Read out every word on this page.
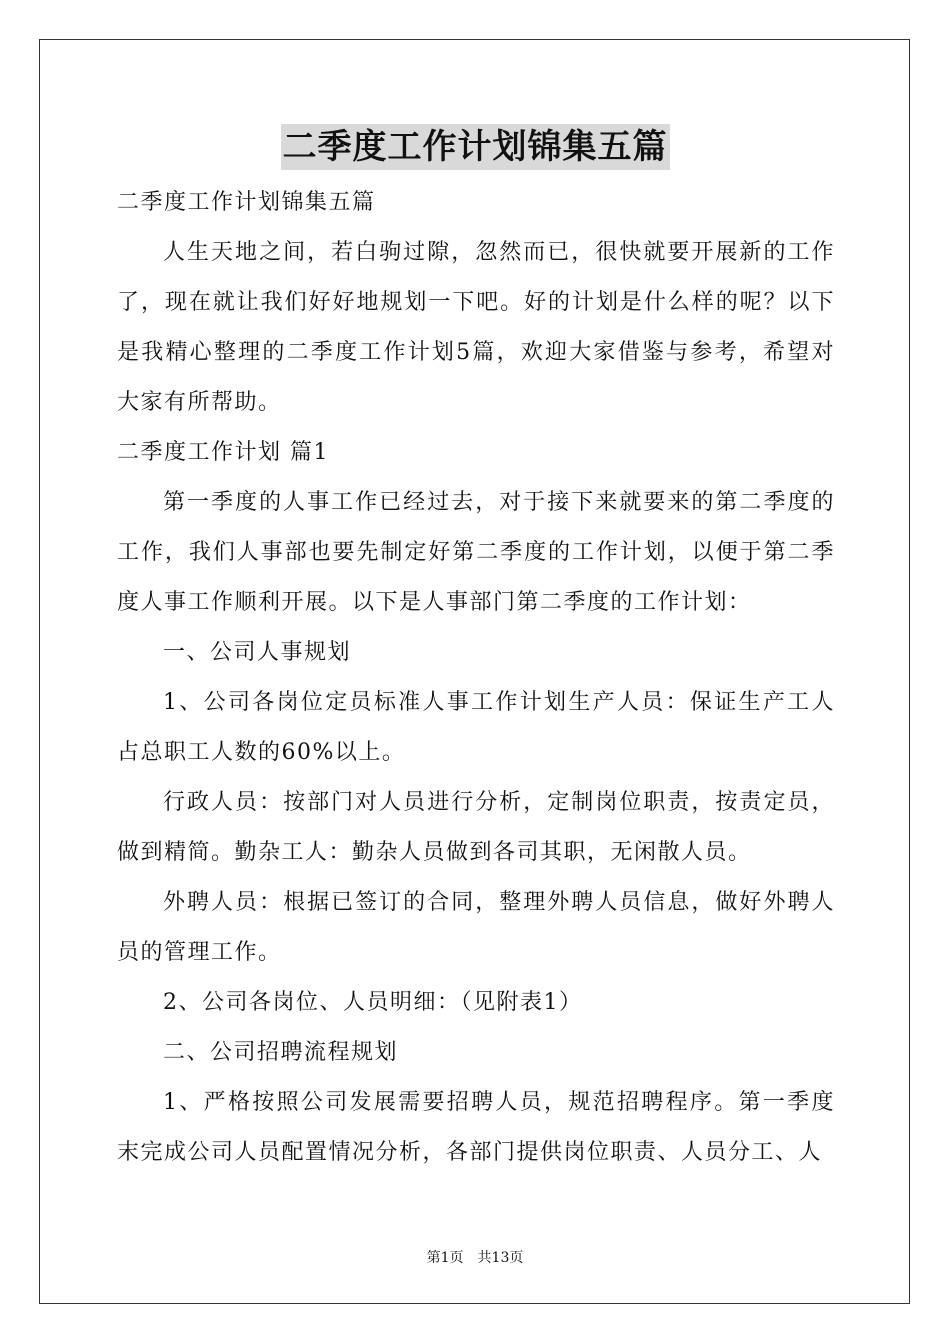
二季度工作计划锦集五篇

二季度工作计划锦集五篇

人生天地之间，若白驹过隙，忽然而已，很快就要开展新的工作了，现在就让我们好好地规划一下吧。好的计划是什么样的呢？以下是我精心整理的二季度工作计划5篇，欢迎大家借鉴与参考，希望对大家有所帮助。

二季度工作计划 篇1

第一季度的人事工作已经过去，对于接下来就要来的第二季度的工作，我们人事部也要先制定好第二季度的工作计划，以便于第二季度人事工作顺利开展。以下是人事部门第二季度的工作计划：

一、公司人事规划

1、公司各岗位定员标准人事工作计划生产人员：保证生产工人占总职工人数的60%以上。

行政人员：按部门对人员进行分析，定制岗位职责，按责定员，做到精简。勤杂工人：勤杂人员做到各司其职，无闲散人员。

外聘人员：根据已签订的合同，整理外聘人员信息，做好外聘人员的管理工作。

2、公司各岗位、人员明细：（见附表1）

二、公司招聘流程规划

1、严格按照公司发展需要招聘人员，规范招聘程序。第一季度末完成公司人员配置情况分析，各部门提供岗位职责、人员分工、人

第1页 共13页
